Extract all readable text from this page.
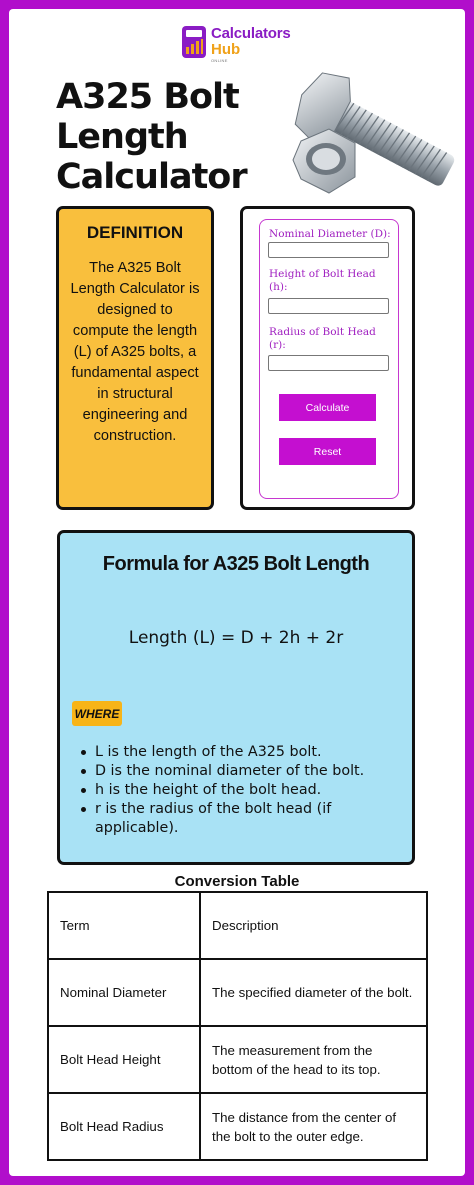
Calculators
Hub
ONLINE
A325 Bolt Length Calculator
DEFINITION
The A325 Bolt Length Calculator is designed to compute the length (L) of A325 bolts, a fundamental aspect in structural engineering and construction.
Nominal Diameter (D):
Height of Bolt Head (h):
Radius of Bolt Head (r):
Calculate
Reset
Formula for A325 Bolt Length
Length (L) = D + 2h + 2r
WHERE
L is the length of the A325 bolt.
D is the nominal diameter of the bolt.
h is the height of the bolt head.
r is the radius of the bolt head (if applicable).
Conversion Table
Term	Description
Nominal Diameter	The specified diameter of the bolt.
Bolt Head Height	The measurement from the bottom of the head to its top.
Bolt Head Radius	The distance from the center of the bolt to the outer edge.
